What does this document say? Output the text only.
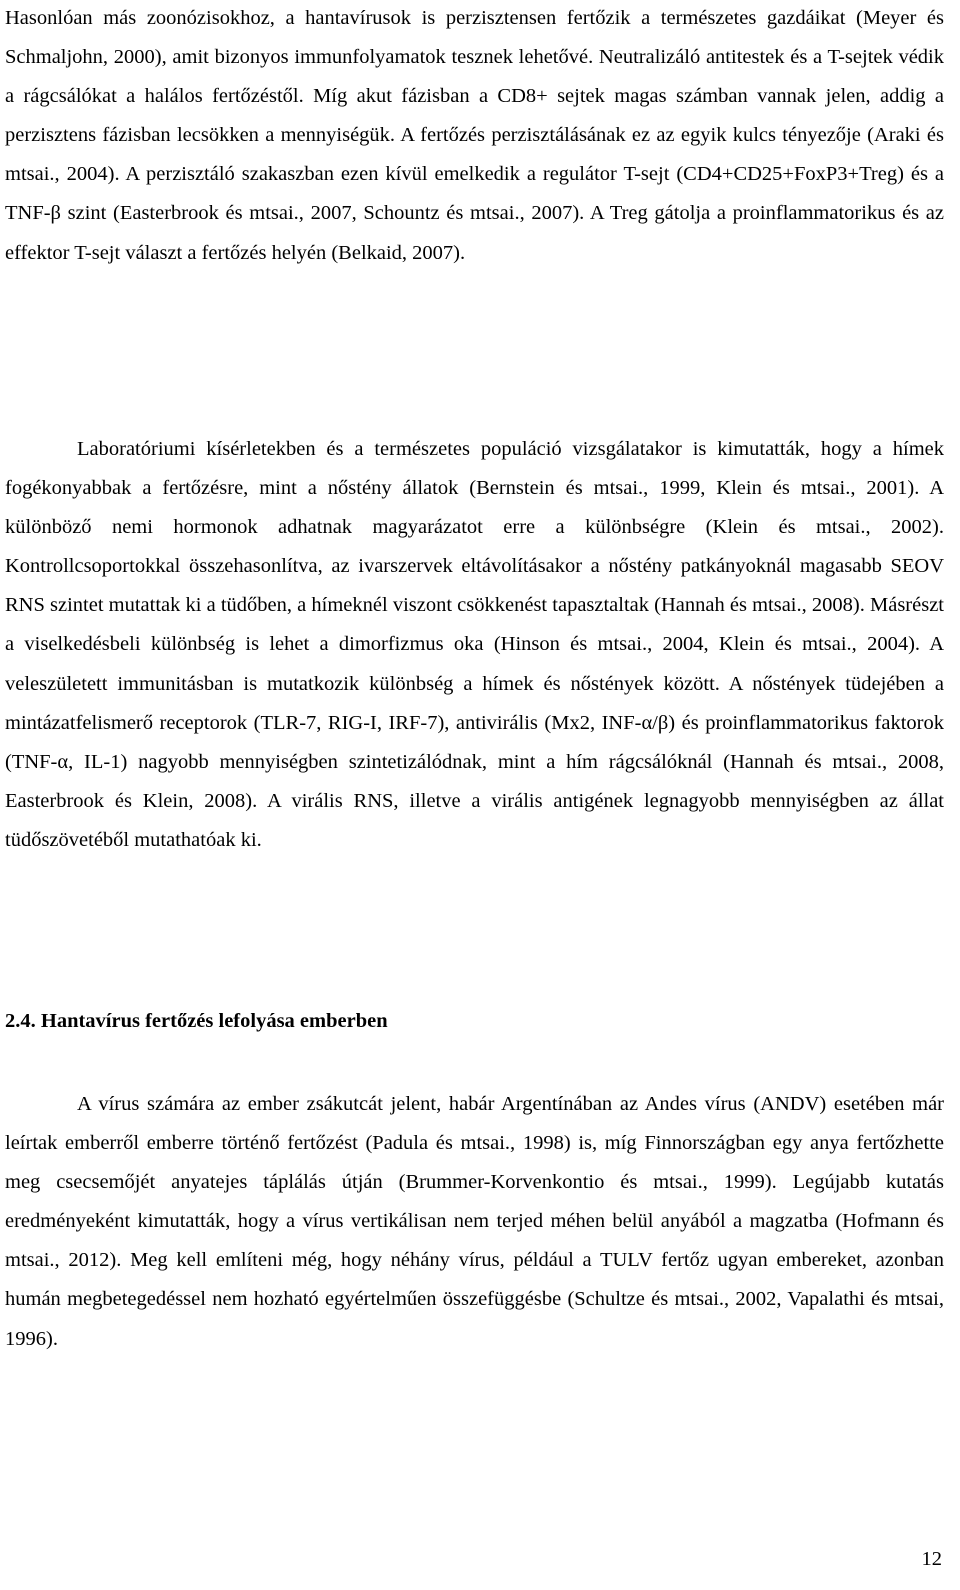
Hasonlóan más zoonózisokhoz, a hantavírusok is perzisztensen fertőzik a természetes gazdáikat (Meyer és Schmaljohn, 2000), amit bizonyos immunfolyamatok tesznek lehetővé. Neutralizáló antitestek és a T-sejtek védik a rágcsálókat a halálos fertőzéstől. Míg akut fázisban a CD8+ sejtek magas számban vannak jelen, addig a perzisztens fázisban lecsökken a mennyiségük. A fertőzés perzisztálásának ez az egyik kulcs tényezője (Araki és mtsai., 2004). A perzisztáló szakaszban ezen kívül emelkedik a regulátor T-sejt (CD4+CD25+FoxP3+Treg) és a TNF-β szint (Easterbrook és mtsai., 2007, Schountz és mtsai., 2007). A Treg gátolja a proinflammatorikus és az effektor T-sejt választ a fertőzés helyén (Belkaid, 2007).

Laboratóriumi kísérletekben és a természetes populáció vizsgálatakor is kimutatták, hogy a hímek fogékonyabbak a fertőzésre, mint a nőstény állatok (Bernstein és mtsai., 1999, Klein és mtsai., 2001). A különböző nemi hormonok adhatnak magyarázatot erre a különbségre (Klein és mtsai., 2002). Kontrollcsoportokkal összehasonlítva, az ivarszervek eltávolításakor a nőstény patkányoknál magasabb SEOV RNS szintet mutattak ki a tüdőben, a hímeknél viszont csökkenést tapasztaltak (Hannah és mtsai., 2008). Másrészt a viselkedésbeli különbség is lehet a dimorfizmus oka (Hinson és mtsai., 2004, Klein és mtsai., 2004). A veleszületett immunitásban is mutatkozik különbség a hímek és nőstények között. A nőstények tüdejében a mintázatfelismerő receptorok (TLR-7, RIG-I, IRF-7), antivirális (Mx2, INF-α/β) és proinflammatorikus faktorok (TNF-α, IL-1) nagyobb mennyiségben szintetizálódnak, mint a hím rágcsálóknál (Hannah és mtsai., 2008, Easterbrook és Klein, 2008). A virális RNS, illetve a virális antigének legnagyobb mennyiségben az állat tüdőszövetéből mutathatóak ki.

2.4. Hantavírus fertőzés lefolyása emberben

A vírus számára az ember zsákutcát jelent, habár Argentínában az Andes vírus (ANDV) esetében már leírtak emberről emberre történő fertőzést (Padula és mtsai., 1998) is, míg Finnországban egy anya fertőzhette meg csecsemőjét anyatejes táplálás útján (Brummer-Korvenkontio és mtsai., 1999). Legújabb kutatás eredményeként kimutatták, hogy a vírus vertikálisan nem terjed méhen belül anyából a magzatba (Hofmann és mtsai., 2012). Meg kell említeni még, hogy néhány vírus, például a TULV fertőz ugyan embereket, azonban humán megbetegedéssel nem hozható egyértelműen összefüggésbe (Schultze és mtsai., 2002, Vapalathi és mtsai, 1996).

12
